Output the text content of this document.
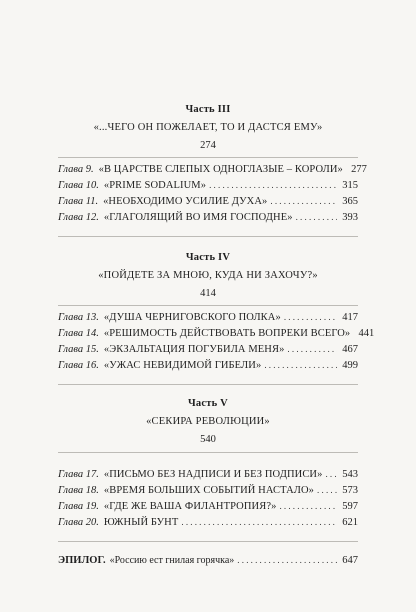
Часть III
«...ЧЕГО ОН ПОЖЕЛАЕТ, ТО И ДАСТСЯ ЕМУ»
274
Глава 9. «В ЦАРСТВЕ СЛЕПЫХ ОДНОГЛАЗЫЕ – КОРОЛИ» 277
Глава 10. «PRIME SODALIUM» .....	315
Глава 11. «НЕОБХОДИМО УСИЛИЕ ДУХА» .....	365
Глава 12. «ГЛАГОЛЯЩИЙ ВО ИМЯ ГОСПОДНЕ» .....	393
Часть IV
«ПОЙДЕТЕ ЗА МНОЮ, КУДА НИ ЗАХОЧУ?»
414
Глава 13. «ДУША ЧЕРНИГОВСКОГО ПОЛКА» .....	417
Глава 14. «РЕШИМОСТЬ ДЕЙСТВОВАТЬ ВОПРЕКИ ВСЕГО» 441
Глава 15. «ЭКЗАЛЬТАЦИЯ ПОГУБИЛА МЕНЯ» .....	467
Глава 16. «УЖАС НЕВИДИМОЙ ГИБЕЛИ» .....	499
Часть V
«СЕКИРА РЕВОЛЮЦИИ»
540
Глава 17. «ПИСЬМО БЕЗ НАДПИСИ И БЕЗ ПОДПИСИ» ..... 543
Глава 18. «ВРЕМЯ БОЛЬШИХ СОБЫТИЙ НАСТАЛО» .....	573
Глава 19. «ГДЕ ЖЕ ВАША ФИЛАНТРОПИЯ?» .....	597
Глава 20. ЮЖНЫЙ БУНТ .....	621
ЭПИЛОГ. «Россию ест гнилая горячка» .....	647
